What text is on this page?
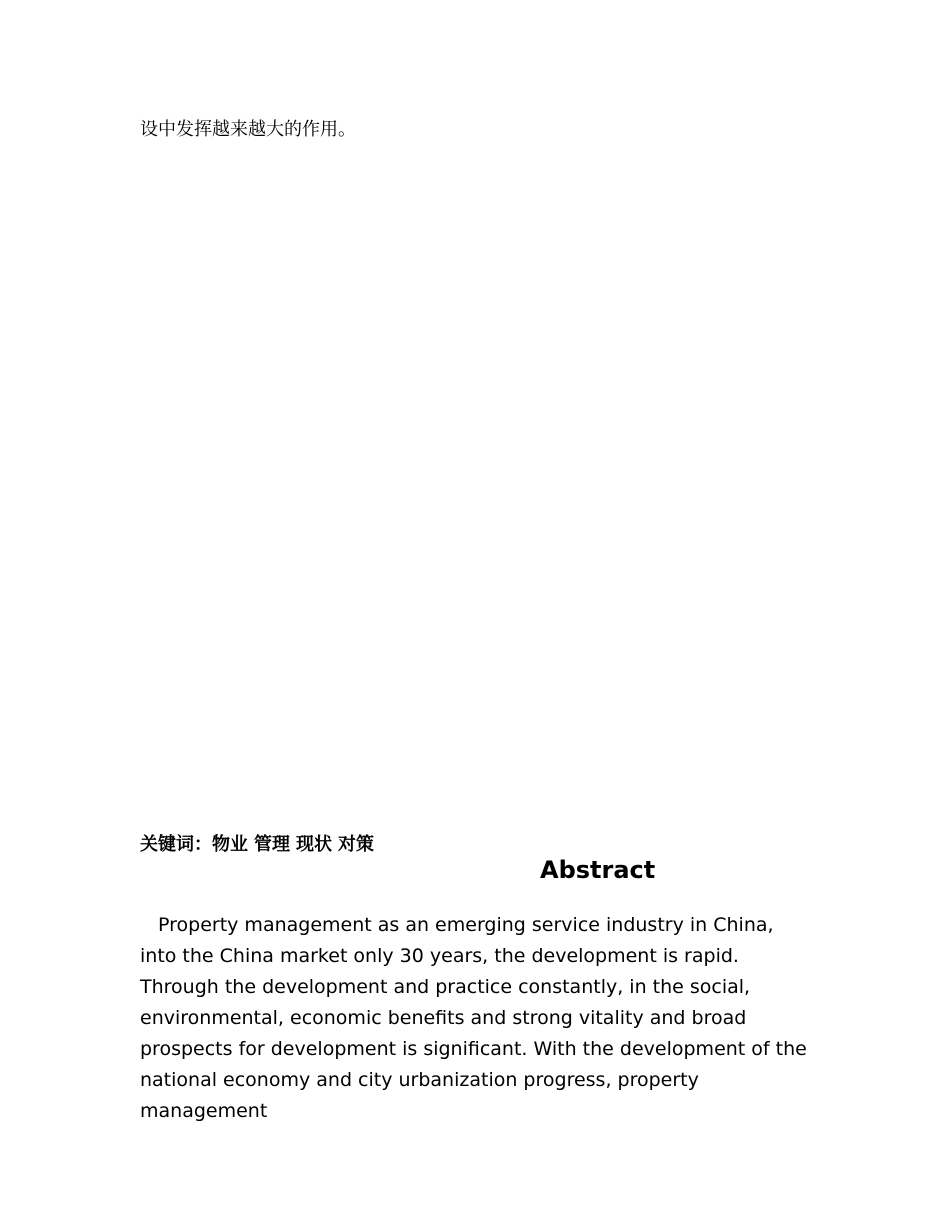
设中发挥越来越大的作用。

关键词：物业 管理 现状 对策

Abstract

Property management as an emerging service industry in China, into the China market only 30 years, the development is rapid. Through the development and practice constantly, in the social, environmental, economic benefits and strong vitality and broad prospects for development is significant. With the development of the national economy and city urbanization progress, property management
